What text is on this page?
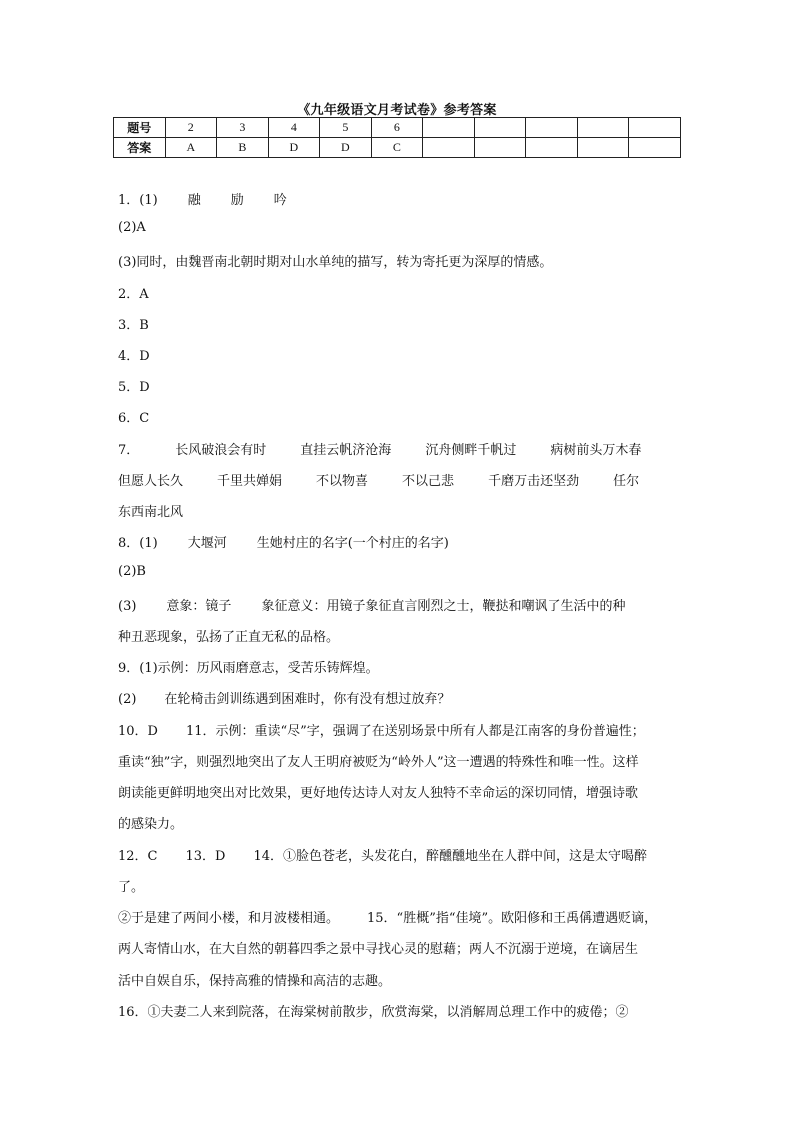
《九年级语文月考试卷》参考答案
题号	2	3	4	5	6					
答案	A	B	D	D	C					
1．(1) 融 励 吟
(2)A
(3)同时，由魏晋南北朝时期对山水单纯的描写，转为寄托更为深厚的情感。
2．A
3．B
4．D
5．D
6．C
7．	长风破浪会有时	直挂云帆济沧海	沉舟侧畔千帆过	病树前头万木春
但愿人长久	千里共婵娟	不以物喜	不以己悲	千磨万击还坚劲	任尔
东西南北风
8．(1) 大堰河 生她村庄的名字(一个村庄的名字)
(2)B
(3) 意象：镜子 象征意义：用镜子象征直言刚烈之士，鞭挞和嘲讽了生活中的种
种丑恶现象，弘扬了正直无私的品格。
9．(1)示例：历风雨磨意志，受苦乐铸辉煌。
(2) 在轮椅击剑训练遇到困难时，你有没有想过放弃？
10．D 11．示例：重读“尽”字，强调了在送别场景中所有人都是江南客的身份普遍性；
重读“独”字，则强烈地突出了友人王明府被贬为“岭外人”这一遭遇的特殊性和唯一性。这样
朗读能更鲜明地突出对比效果，更好地传达诗人对友人独特不幸命运的深切同情，增强诗歌
的感染力。
12．C 13．D 14．①脸色苍老，头发花白，醉醺醺地坐在人群中间，这是太守喝醉
了。
②于是建了两间小楼，和月波楼相通。 15．“胜概”指“佳境”。欧阳修和王禹偁遭遇贬谪，
两人寄情山水，在大自然的朝暮四季之景中寻找心灵的慰藉；两人不沉溺于逆境，在谪居生
活中自娱自乐，保持高雅的情操和高洁的志趣。
16．①夫妻二人来到院落，在海棠树前散步，欣赏海棠，以消解周总理工作中的疲倦；②
